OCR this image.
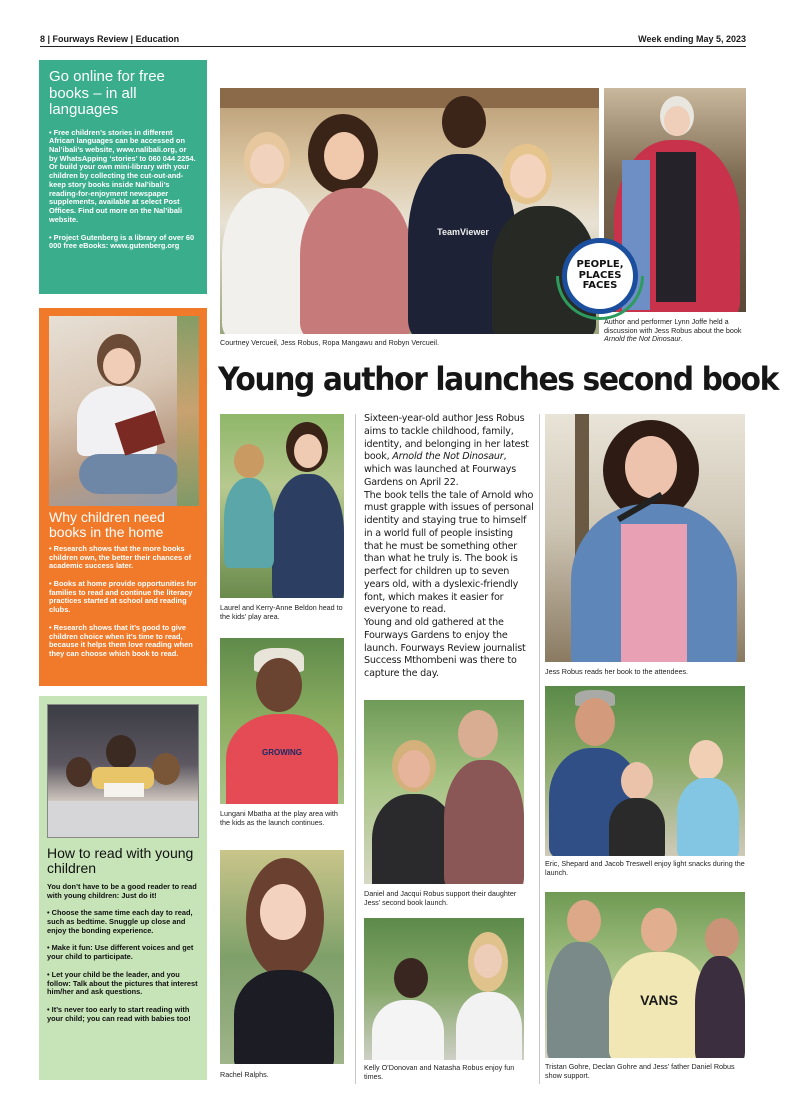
8 | Fourways Review | Education	Week ending May 5, 2023
Go online for free books – in all languages

• Free children’s stories in different African languages can be accessed on Nal’ibali’s website, www.nalibali.org, or by WhatsApping ‘stories’ to 060 044 2254. Or build your own mini-library with your children by collecting the cut-out-and-keep story books inside Nal’ibali’s reading-for-enjoyment newspaper supplements, available at select Post Offices. Find out more on the Nal’ibali website.

• Project Gutenberg is a library of over 60 000 free eBooks: www.gutenberg.org

Why children need books in the home

• Research shows that the more books children own, the better their chances of academic success later.

• Books at home provide opportunities for families to read and continue the literacy practices started at school and reading clubs.

• Research shows that it’s good to give children choice when it’s time to read, because it helps them love reading when they can choose which book to read.

How to read with young children

You don’t have to be a good reader to read with young children: Just do it!

• Choose the same time each day to read, such as bedtime. Snuggle up close and enjoy the bonding experience.

• Make it fun: Use different voices and get your child to participate.

• Let your child be the leader, and you follow: Talk about the pictures that interest him/her and ask questions.

• It’s never too early to start reading with your child; you can read with babies too!

TeamViewer
Courtney Vercueil, Jess Robus, Ropa Mangawu and Robyn Vercueil.
Author and performer Lynn Joffe held a discussion with Jess Robus about the book Arnold the Not Dinosaur.
PEOPLE,
PLACES
FACES
Young author launches second book
Laurel and Kerry-Anne Beldon head to the kids’ play area.
GROWING
Lungani Mbatha at the play area with the kids as the launch continues.
Rachel Ralphs.

Sixteen-year-old author Jess Robus aims to tackle childhood, family, identity, and belonging in her latest book, Arnold the Not Dinosaur, which was launched at Fourways Gardens on April 22.

The book tells the tale of Arnold who must grapple with issues of personal identity and staying true to himself in a world full of people insisting that he must be something other than what he truly is. The book is perfect for children up to seven years old, with a dyslexic-friendly font, which makes it easier for everyone to read.

Young and old gathered at the Fourways Gardens to enjoy the launch. Fourways Review journalist Success Mthombeni was there to capture the day.

Daniel and Jacqui Robus support their daughter Jess’ second book launch.
Kelly O’Donovan and Natasha Robus enjoy fun times.
Jess Robus reads her book to the attendees.
Eric, Shepard and Jacob Treswell enjoy light snacks during the launch.
VANS
Tristan Gohre, Declan Gohre and Jess’ father Daniel Robus show support.
